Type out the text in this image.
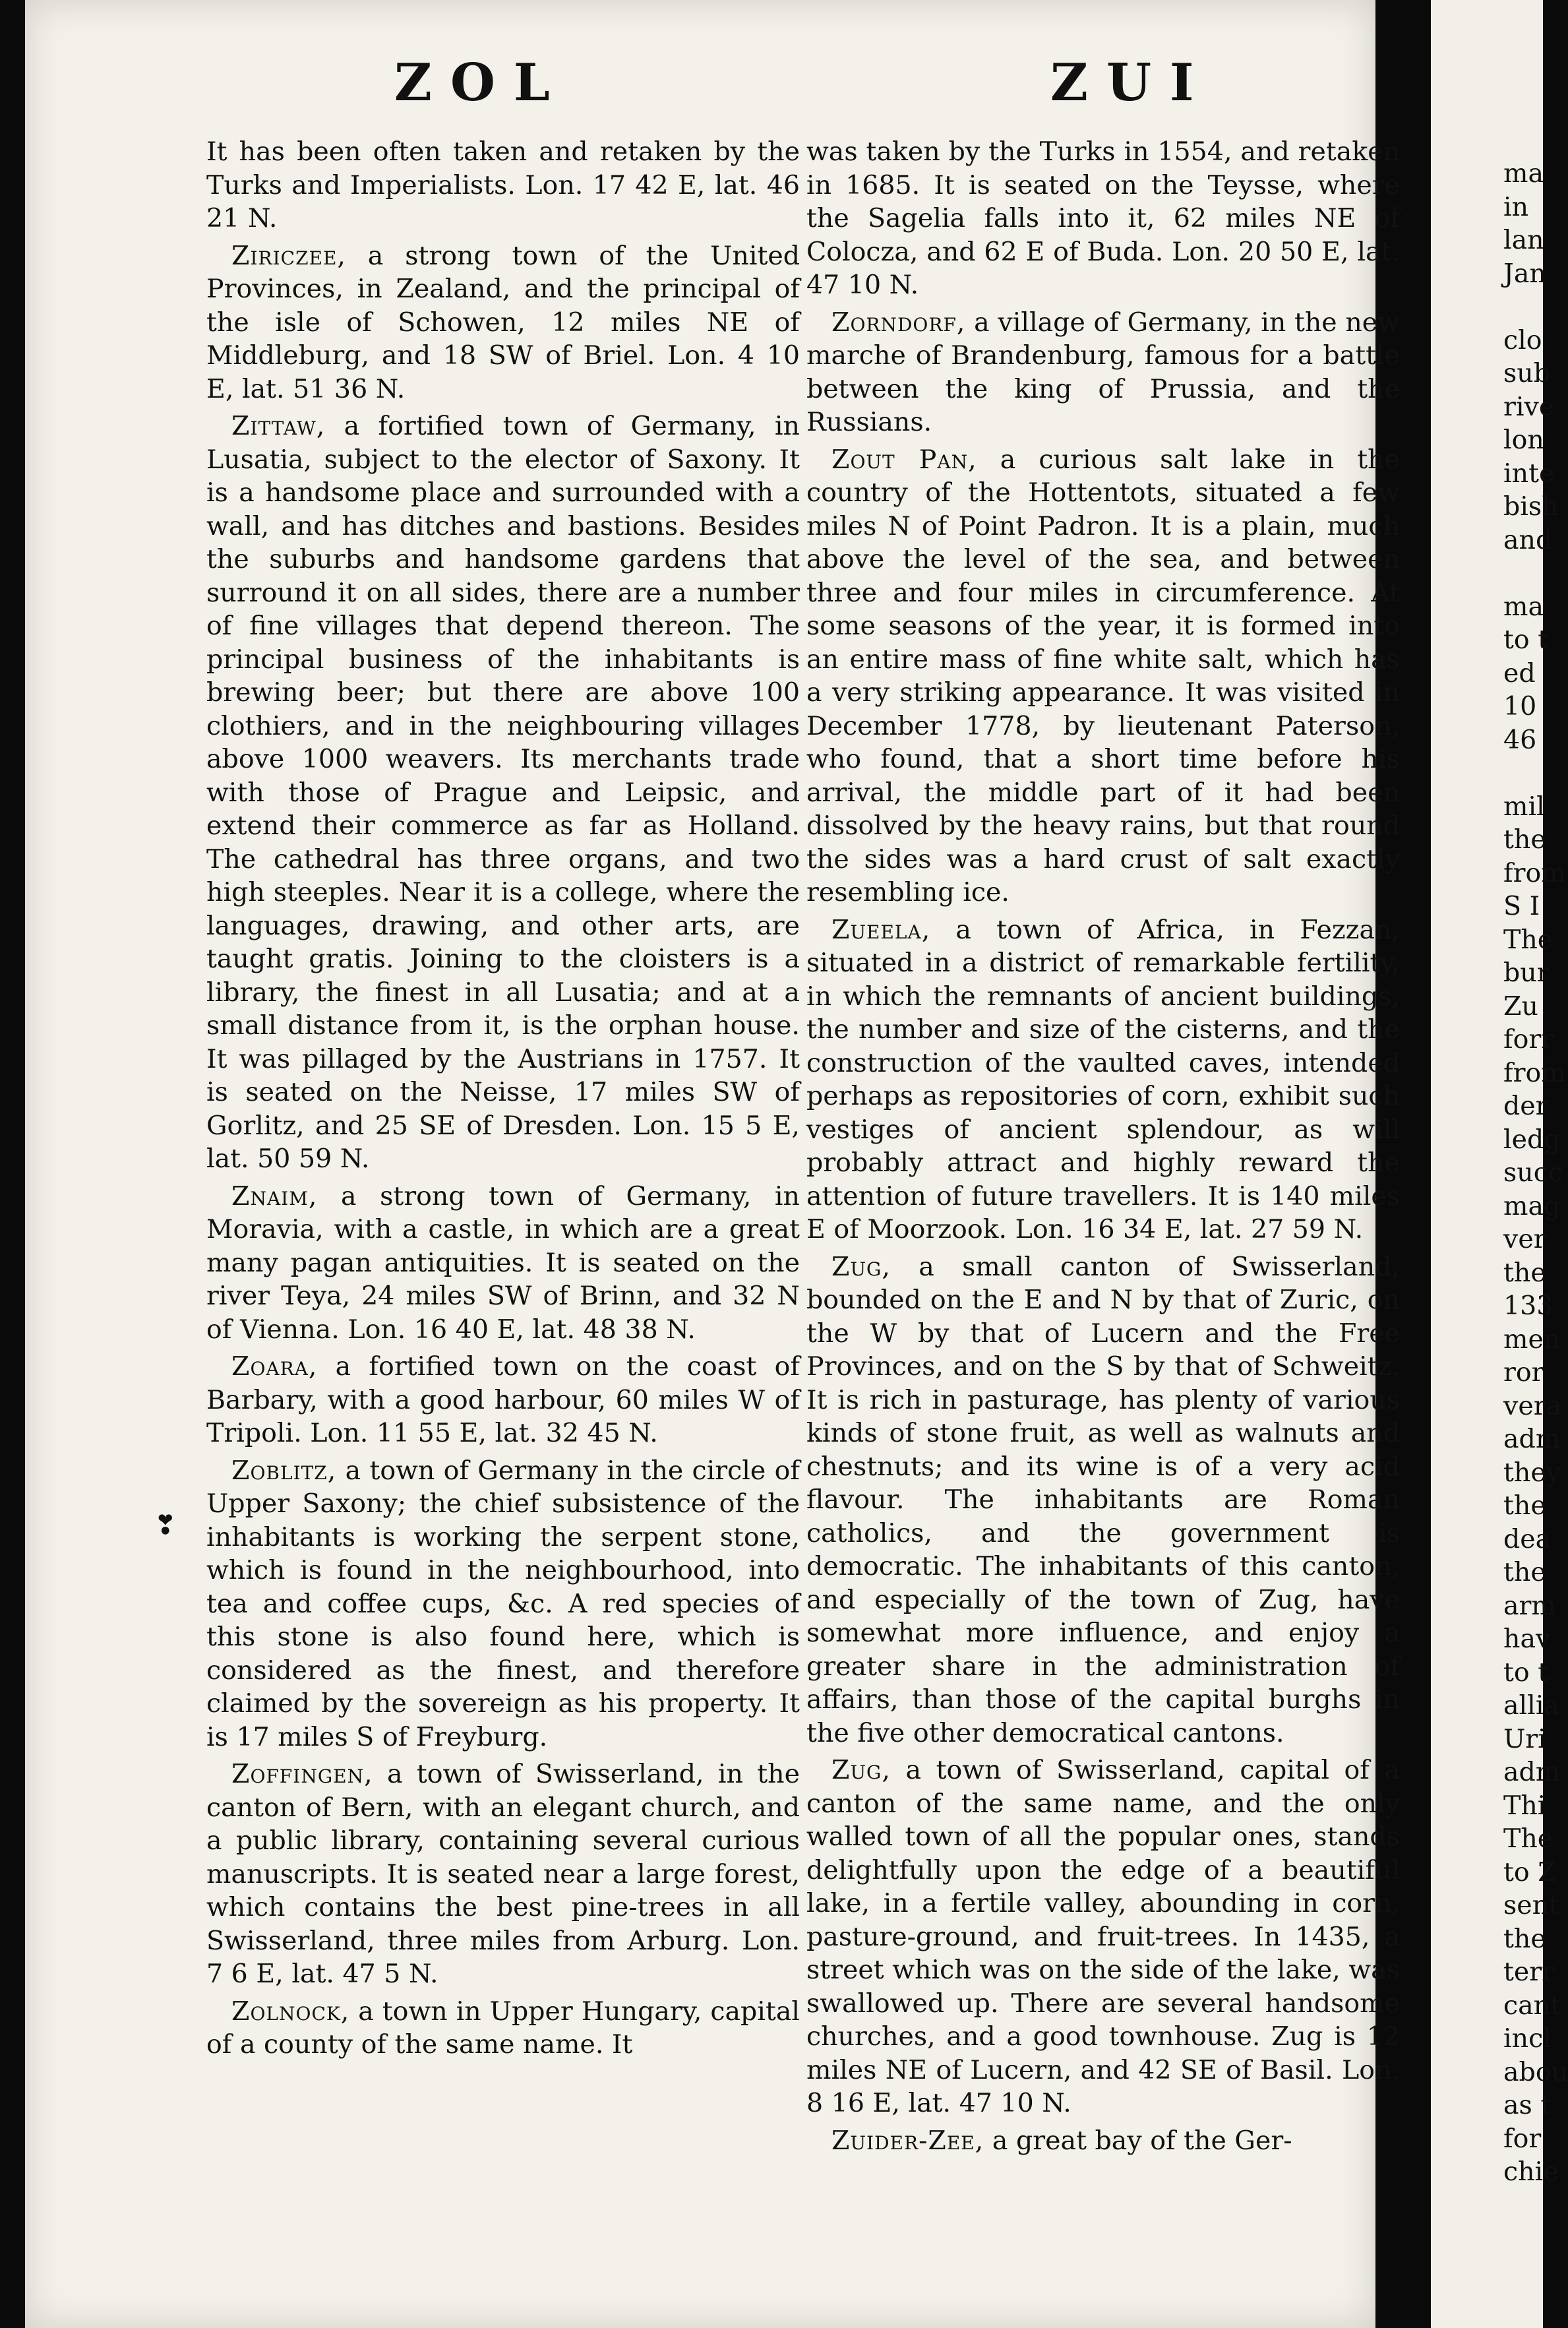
ZOL	ZUI

It has been often taken and retaken by the Turks and Imperialists. Lon. 17 42 E, lat. 46 21 N.

Ziriczee, a strong town of the United Provinces, in Zealand, and the principal of the isle of Schowen, 12 miles NE of Middleburg, and 18 SW of Briel. Lon. 4 10 E, lat. 51 36 N.

Zittaw, a fortified town of Germany, in Lusatia, subject to the elector of Saxony. It is a handsome place and surrounded with a wall, and has ditches and bastions. Besides the suburbs and handsome gardens that surround it on all sides, there are a number of fine villages that depend thereon. The principal business of the inhabitants is brewing beer; but there are above 100 clothiers, and in the neighbouring villages above 1000 weavers. Its merchants trade with those of Prague and Leipsic, and extend their commerce as far as Holland. The cathedral has three organs, and two high steeples. Near it is a college, where the languages, drawing, and other arts, are taught gratis. Joining to the cloisters is a library, the finest in all Lusatia; and at a small distance from it, is the orphan house. It was pillaged by the Austrians in 1757. It is seated on the Neisse, 17 miles SW of Gorlitz, and 25 SE of Dresden. Lon. 15 5 E, lat. 50 59 N.

Znaim, a strong town of Germany, in Moravia, with a castle, in which are a great many pagan antiquities. It is seated on the river Teya, 24 miles SW of Brinn, and 32 N of Vienna. Lon. 16 40 E, lat. 48 38 N.

Zoara, a fortified town on the coast of Barbary, with a good harbour, 60 miles W of Tripoli. Lon. 11 55 E, lat. 32 45 N.

Zoblitz, a town of Germany in the circle of Upper Saxony; the chief subsistence of the inhabitants is working the serpent stone, which is found in the neighbourhood, into tea and coffee cups, &c. A red species of this stone is also found here, which is considered as the finest, and therefore claimed by the sovereign as his property. It is 17 miles S of Freyburg.

Zoffingen, a town of Swisserland, in the canton of Bern, with an elegant church, and a public library, containing several curious manuscripts. It is seated near a large forest, which contains the best pine-trees in all Swisserland, three miles from Arburg. Lon. 7 6 E, lat. 47 5 N.

Zolnock, a town in Upper Hungary, capital of a county of the same name. It

was taken by the Turks in 1554, and retaken in 1685. It is seated on the Teysse, where the Sagelia falls into it, 62 miles NE of Colocza, and 62 E of Buda. Lon. 20 50 E, lat. 47 10 N.

Zorndorf, a village of Germany, in the new marche of Brandenburg, famous for a battle between the king of Prussia, and the Russians.

Zout Pan, a curious salt lake in the country of the Hottentots, situated a few miles N of Point Padron. It is a plain, much above the level of the sea, and between three and four miles in circumference. At some seasons of the year, it is formed into an entire mass of fine white salt, which has a very striking appearance. It was visited in December 1778, by lieutenant Paterson, who found, that a short time before his arrival, the middle part of it had been dissolved by the heavy rains, but that round the sides was a hard crust of salt exactly resembling ice.

Zueela, a town of Africa, in Fezzan, situated in a district of remarkable fertility, in which the remnants of ancient buildings, the number and size of the cisterns, and the construction of the vaulted caves, intended perhaps as repositories of corn, exhibit such vestiges of ancient splendour, as will probably attract and highly reward the attention of future travellers. It is 140 miles E of Moorzook. Lon. 16 34 E, lat. 27 59 N.

Zug, a small canton of Swisserland, bounded on the E and N by that of Zuric, on the W by that of Lucern and the Free Provinces, and on the S by that of Schweitz. It is rich in pasturage, has plenty of various kinds of stone fruit, as well as walnuts and chestnuts; and its wine is of a very acid flavour. The inhabitants are Roman catholics, and the government is democratic. The inhabitants of this canton, and especially of the town of Zug, have somewhat more influence, and enjoy a greater share in the administration of affairs, than those of the capital burghs in the five other democratical cantons.

Zug, a town of Swisserland, capital of a canton of the same name, and the only walled town of all the popular ones, stands delightfully upon the edge of a beautiful lake, in a fertile valley, abounding in corn, pasture-ground, and fruit-trees. In 1435, a street which was on the side of the lake, was swallowed up. There are several handsome churches, and a good townhouse. Zug is 12 miles NE of Lucern, and 42 SE of Basil. Lon. 8 16 E, lat. 47 10 N.

Zuider-Zee, a great bay of the Ger-

❣
ma
in
lan
Jan
clo
sub
rive
lon
inte
bish
and
ma
to t
ed
10
46
mil
the
from
S I
The
bur
Zu
forr
from
der
ledg
succ
mag
ver
the
133
men
ror
vera
adm
they
the
dea
the
arm
hav
to t
allia
Uri
adm
Thi
The
to Z
sent
the
terr
cant
incl
abou
as t
for
chie
